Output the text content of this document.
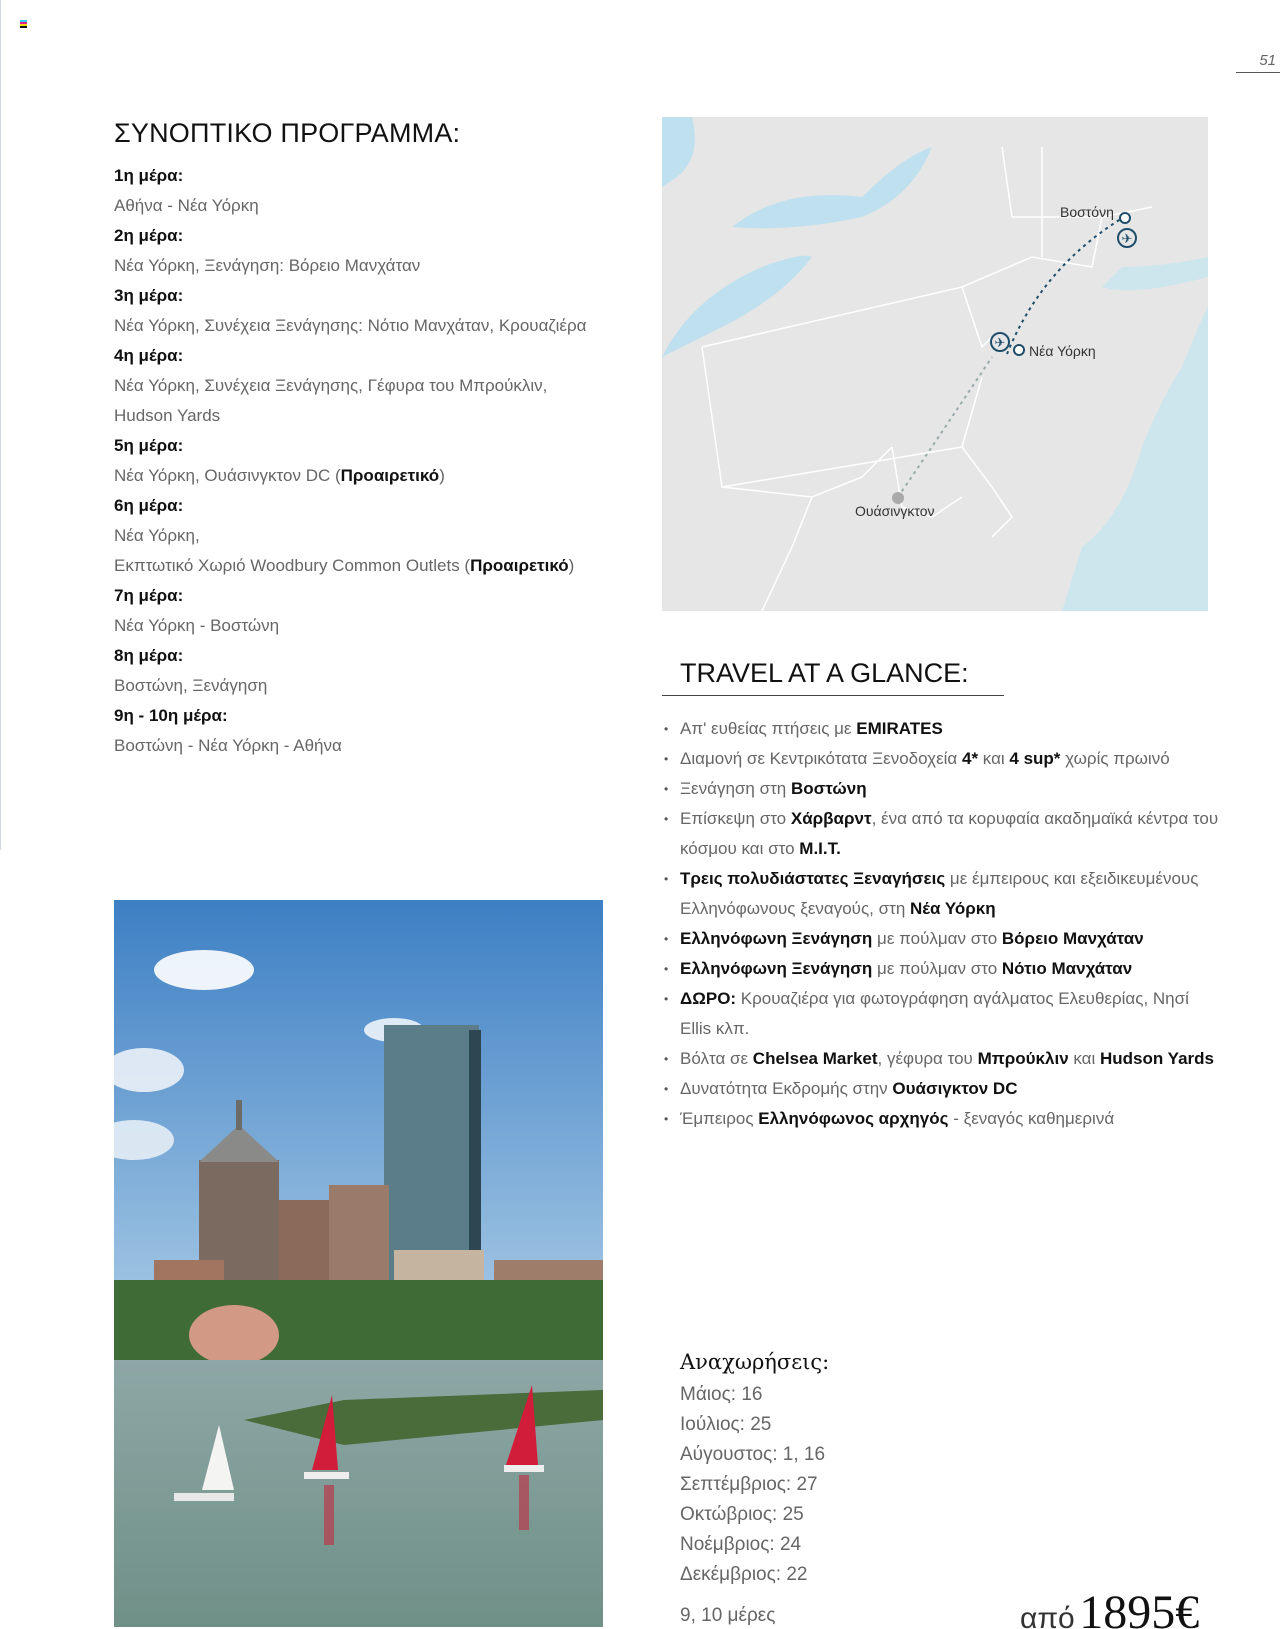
51
ΣΥΝΟΠΤΙΚΟ ΠΡΟΓΡΑΜΜΑ:
1η μέρα:
Αθήνα - Νέα Υόρκη
2η μέρα:
Νέα Υόρκη, Ξενάγηση: Βόρειο Μανχάταν
3η μέρα:
Νέα Υόρκη, Συνέχεια Ξενάγησης: Νότιο Μανχάταν, Κρουαζιέρα
4η μέρα:
Νέα Υόρκη, Συνέχεια Ξενάγησης, Γέφυρα του Μπρούκλιν,
Hudson Yards
5η μέρα:
Νέα Υόρκη, Ουάσινγκτον DC (Προαιρετικό)
6η μέρα:
Νέα Υόρκη,
Εκπτωτικό Χωριό Woodbury Common Outlets (Προαιρετικό)
7η μέρα:
Νέα Υόρκη - Βοστώνη
8η μέρα:
Βοστώνη, Ξενάγηση
9η - 10η μέρα:
Βοστώνη - Νέα Υόρκη - Αθήνα
✈
✈
Βοστόνη
Νέα Υόρκη
Ουάσινγκτον
TRAVEL AT A GLANCE:
• Απ' ευθείας πτήσεις με EMIRATES
• Διαμονή σε Κεντρικότατα Ξενοδοχεία 4* και 4 sup* χωρίς πρωινό
• Ξενάγηση στη Βοστώνη
• Επίσκεψη στο Χάρβαρντ, ένα από τα κορυφαία ακαδημαϊκά κέντρα του κόσμου και στο M.I.T.
• Τρεις πολυδιάστατες Ξεναγήσεις με έμπειρους και εξειδικευμένους Ελληνόφωνους ξεναγούς, στη Νέα Υόρκη
• Ελληνόφωνη Ξενάγηση με πούλμαν στο Βόρειο Μανχάταν
• Ελληνόφωνη Ξενάγηση με πούλμαν στο Νότιο Μανχάταν
• ΔΩΡΟ: Κρουαζιέρα για φωτογράφηση αγάλματος Ελευθερίας, Νησί Ellis κλπ.
• Βόλτα σε Chelsea Market, γέφυρα του Μπρούκλιν και Hudson Yards
• Δυνατότητα Εκδρομής στην Ουάσιγκτον DC
• Έμπειρος Ελληνόφωνος αρχηγός - ξεναγός καθημερινά
Αναχωρήσεις:
Μάιος: 16
Ιούλιος: 25
Αύγουστος: 1, 16
Σεπτέμβριος: 27
Οκτώβριος: 25
Νοέμβριος: 24
Δεκέμβριος: 22
9, 10 μέρες	από 1895€
